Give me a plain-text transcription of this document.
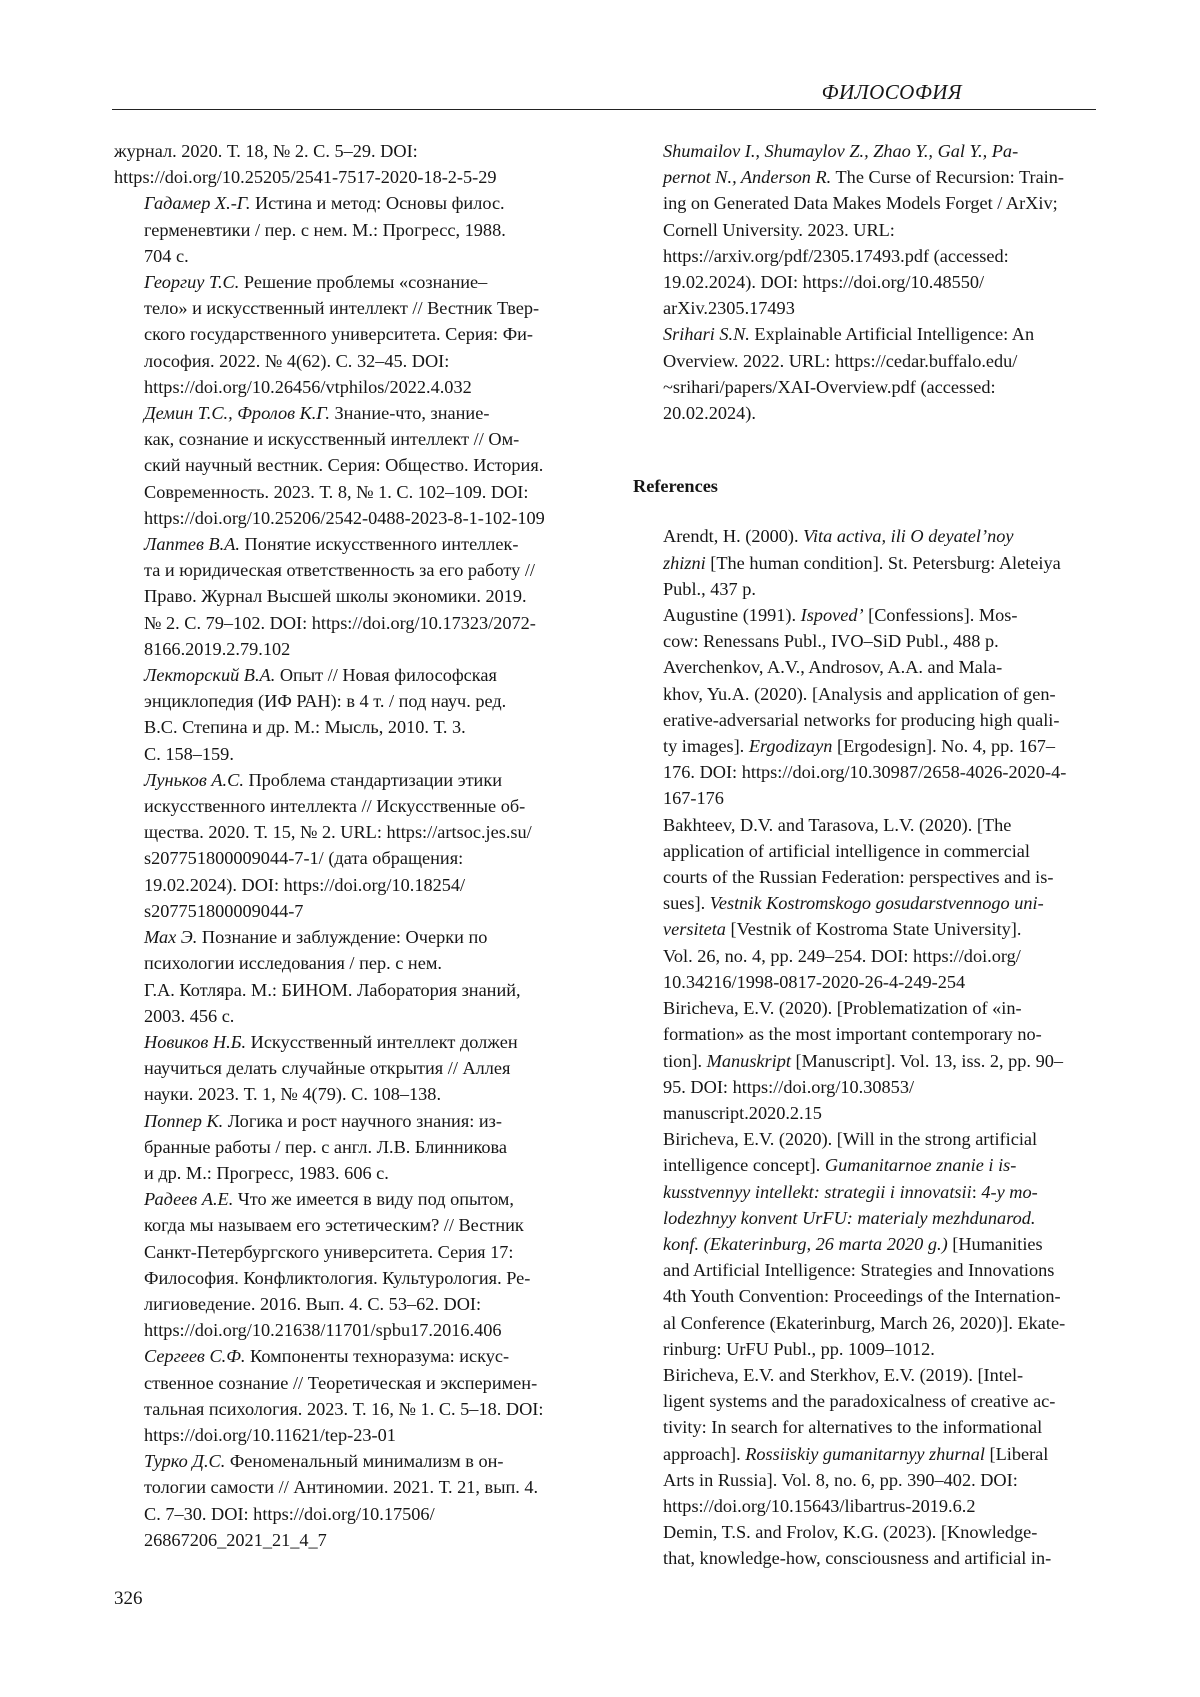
ФИЛОСОФИЯ

журнал. 2020. Т. 18, № 2. С. 5–29. DOI:
https://doi.org/10.25205/2541-7517-2020-18-2-5-29

Гадамер Х.-Г. Истина и метод: Основы филос.
герменевтики / пер. с нем. М.: Прогресс, 1988.
704 с.

Георгиу Т.С. Решение проблемы «сознание–
тело» и искусственный интеллект // Вестник Твер-
ского государственного университета. Серия: Фи-
лософия. 2022. № 4(62). С. 32–45. DOI:
https://doi.org/10.26456/vtphilos/2022.4.032

Демин Т.С., Фролов К.Г. Знание-что, знание-
как, сознание и искусственный интеллект // Ом-
ский научный вестник. Серия: Общество. История.
Современность. 2023. Т. 8, № 1. С. 102–109. DOI:
https://doi.org/10.25206/2542-0488-2023-8-1-102-109

Лаптев В.А. Понятие искусственного интеллек-
та и юридическая ответственность за его работу //
Право. Журнал Высшей школы экономики. 2019.
№ 2. С. 79–102. DOI: https://doi.org/10.17323/2072-
8166.2019.2.79.102

Лекторский В.А. Опыт // Новая философская
энциклопедия (ИФ РАН): в 4 т. / под науч. ред.
В.С. Степина и др. М.: Мысль, 2010. Т. 3.
С. 158–159.

Луньков А.С. Проблема стандартизации этики
искусственного интеллекта // Искусственные об-
щества. 2020. Т. 15, № 2. URL: https://artsoc.jes.su/
s207751800009044-7-1/ (дата обращения:
19.02.2024). DOI: https://doi.org/10.18254/
s207751800009044-7

Мах Э. Познание и заблуждение: Очерки по
психологии исследования / пер. с нем.
Г.А. Котляра. М.: БИНОМ. Лаборатория знаний,
2003. 456 с.

Новиков Н.Б. Искусственный интеллект должен
научиться делать случайные открытия // Аллея
науки. 2023. Т. 1, № 4(79). С. 108–138.

Поппер К. Логика и рост научного знания: из-
бранные работы / пер. с англ. Л.В. Блинникова
и др. М.: Прогресс, 1983. 606 с.

Радеев А.Е. Что же имеется в виду под опытом,
когда мы называем его эстетическим? // Вестник
Санкт-Петербургского университета. Серия 17:
Философия. Конфликтология. Культурология. Ре-
лигиоведение. 2016. Вып. 4. С. 53–62. DOI:
https://doi.org/10.21638/11701/spbu17.2016.406

Сергеев С.Ф. Компоненты техноразума: искус-
ственное сознание // Теоретическая и эксперимен-
тальная психология. 2023. Т. 16, № 1. С. 5–18. DOI:
https://doi.org/10.11621/tep-23-01

Турко Д.С. Феноменальный минимализм в он-
тологии самости // Антиномии. 2021. Т. 21, вып. 4.
С. 7–30. DOI: https://doi.org/10.17506/
26867206_2021_21_4_7

Shumailov I., Shumaylov Z., Zhao Y., Gal Y., Pa-
pernot N., Anderson R. The Curse of Recursion: Train-
ing on Generated Data Makes Models Forget / ArXiv;
Cornell University. 2023. URL:
https://arxiv.org/pdf/2305.17493.pdf (accessed:
19.02.2024). DOI: https://doi.org/10.48550/
arXiv.2305.17493

Srihari S.N. Explainable Artificial Intelligence: An
Overview. 2022. URL: https://cedar.buffalo.edu/
~srihari/papers/XAI-Overview.pdf (accessed:
20.02.2024).

References

Arendt, H. (2000). Vita activa, ili O deyatel’noy
zhizni [The human condition]. St. Petersburg: Aleteiya
Publ., 437 p.

Augustine (1991). Ispoved’ [Confessions]. Mos-
cow: Renessans Publ., IVO–SiD Publ., 488 p.

Averchenkov, A.V., Androsov, A.A. and Mala-
khov, Yu.A. (2020). [Analysis and application of gen-
erative-adversarial networks for producing high quali-
ty images]. Ergodizayn [Ergodesign]. No. 4, pp. 167–
176. DOI: https://doi.org/10.30987/2658-4026-2020-4-
167-176

Bakhteev, D.V. and Tarasova, L.V. (2020). [The
application of artificial intelligence in commercial
courts of the Russian Federation: perspectives and is-
sues]. Vestnik Kostromskogo gosudarstvennogo uni-
versiteta [Vestnik of Kostroma State University].
Vol. 26, no. 4, pp. 249–254. DOI: https://doi.org/
10.34216/1998-0817-2020-26-4-249-254

Biricheva, E.V. (2020). [Problematization of «in-
formation» as the most important contemporary no-
tion]. Manuskript [Manuscript]. Vol. 13, iss. 2, pp. 90–
95. DOI: https://doi.org/10.30853/
manuscript.2020.2.15

Biricheva, E.V. (2020). [Will in the strong artificial
intelligence concept]. Gumanitarnoe znanie i is-
kusstvennyy intellekt: strategii i innovatsii: 4-y mo-
lodezhnyy konvent UrFU: materialy mezhdunarod.
konf. (Ekaterinburg, 26 marta 2020 g.) [Humanities
and Artificial Intelligence: Strategies and Innovations
4th Youth Convention: Proceedings of the Internation-
al Conference (Ekaterinburg, March 26, 2020)]. Ekate-
rinburg: UrFU Publ., pp. 1009–1012.

Biricheva, E.V. and Sterkhov, E.V. (2019). [Intel-
ligent systems and the paradoxicalness of creative ac-
tivity: In search for alternatives to the informational
approach]. Rossiiskiy gumanitarnyy zhurnal [Liberal
Arts in Russia]. Vol. 8, no. 6, pp. 390–402. DOI:
https://doi.org/10.15643/libartrus-2019.6.2

Demin, T.S. and Frolov, K.G. (2023). [Knowledge-
that, knowledge-how, consciousness and artificial in-

326
